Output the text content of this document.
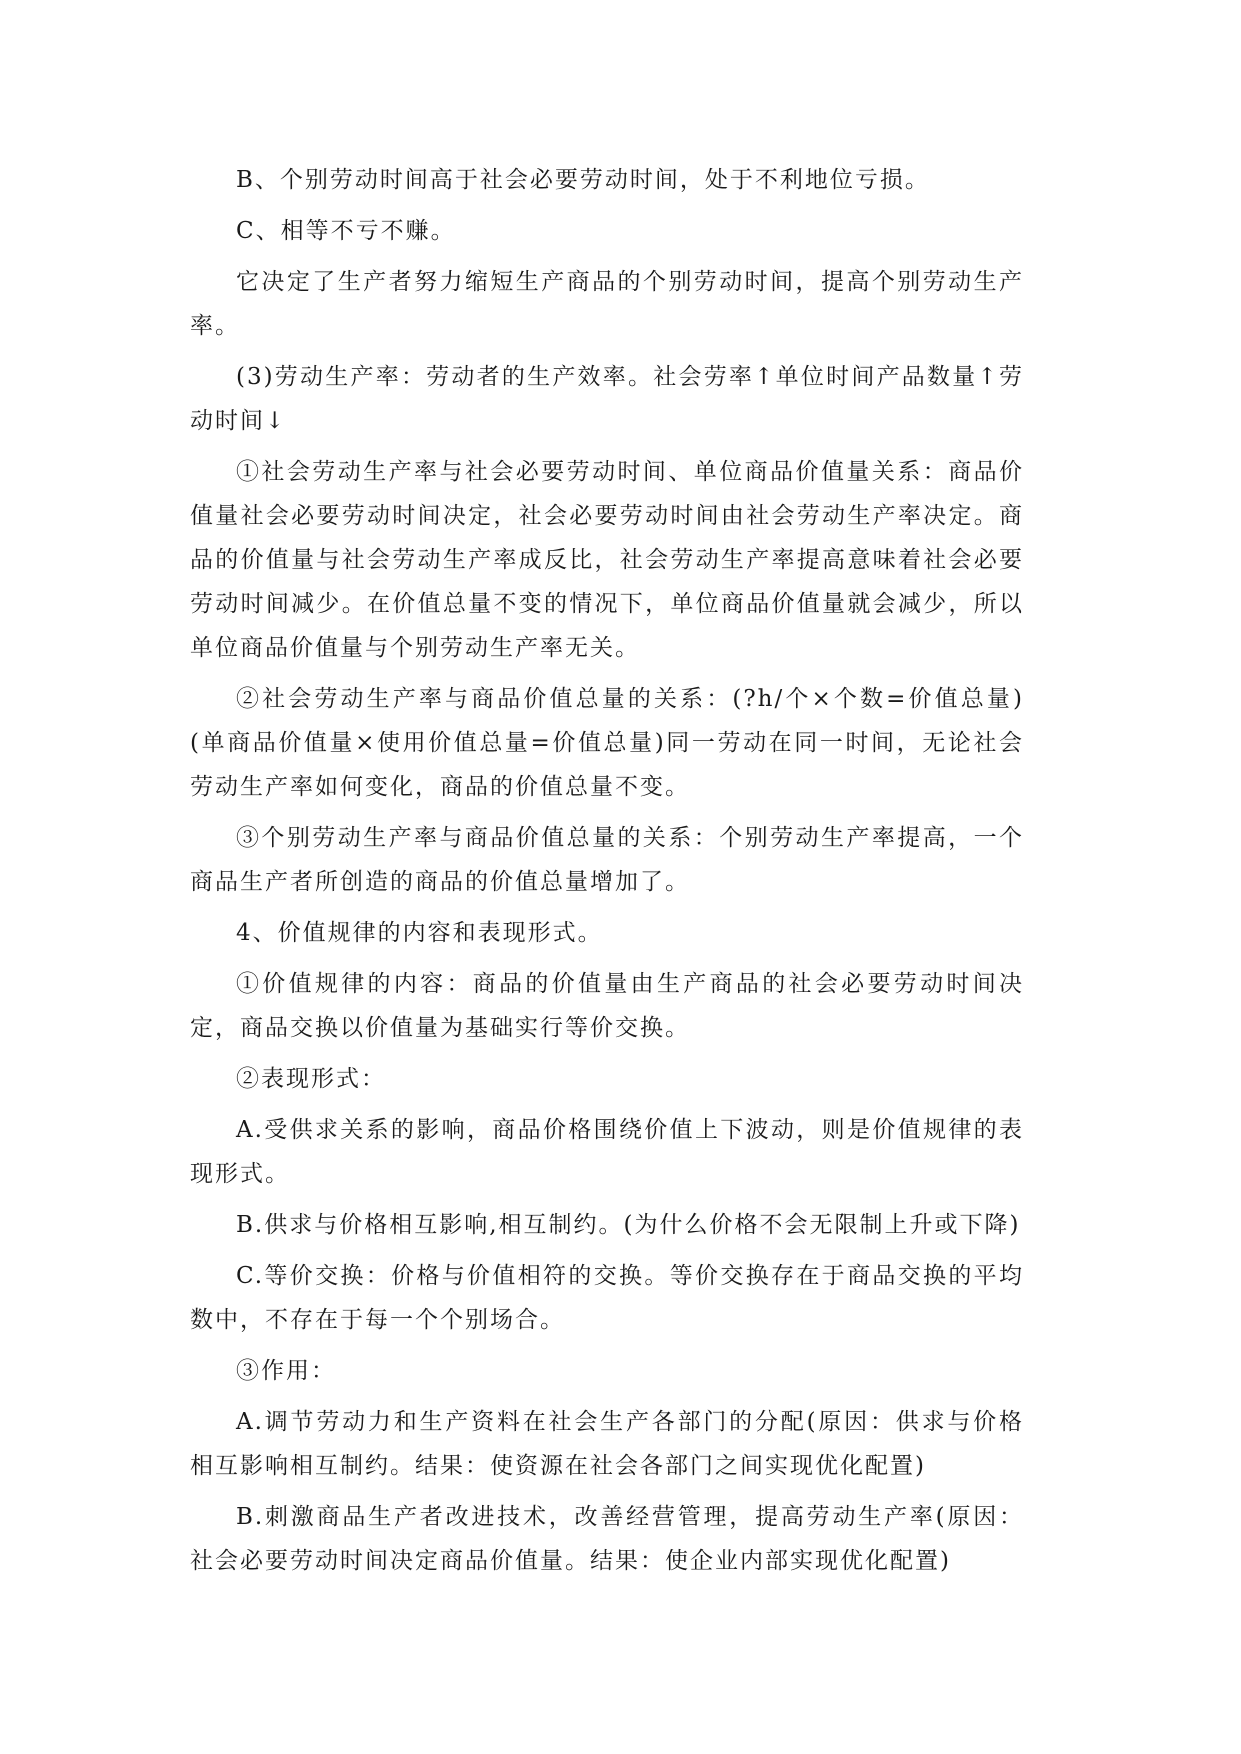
B、个别劳动时间高于社会必要劳动时间，处于不利地位亏损。

C、相等不亏不赚。

它决定了生产者努力缩短生产商品的个别劳动时间，提高个别劳动生产率。

(3)劳动生产率：劳动者的生产效率。社会劳率↑单位时间产品数量↑劳动时间↓

①社会劳动生产率与社会必要劳动时间、单位商品价值量关系：商品价值量社会必要劳动时间决定，社会必要劳动时间由社会劳动生产率决定。商品的价值量与社会劳动生产率成反比，社会劳动生产率提高意味着社会必要劳动时间减少。在价值总量不变的情况下，单位商品价值量就会减少，所以单位商品价值量与个别劳动生产率无关。

②社会劳动生产率与商品价值总量的关系：(?h/个×个数=价值总量)(单商品价值量×使用价值总量=价值总量)同一劳动在同一时间，无论社会劳动生产率如何变化，商品的价值总量不变。

③个别劳动生产率与商品价值总量的关系：个别劳动生产率提高，一个商品生产者所创造的商品的价值总量增加了。

4、价值规律的内容和表现形式。

①价值规律的内容：商品的价值量由生产商品的社会必要劳动时间决定，商品交换以价值量为基础实行等价交换。

②表现形式：

A.受供求关系的影响，商品价格围绕价值上下波动，则是价值规律的表现形式。

B.供求与价格相互影响,相互制约。(为什么价格不会无限制上升或下降)

C.等价交换：价格与价值相符的交换。等价交换存在于商品交换的平均数中，不存在于每一个个别场合。

③作用：

A.调节劳动力和生产资料在社会生产各部门的分配(原因：供求与价格相互影响相互制约。结果：使资源在社会各部门之间实现优化配置)

B.刺激商品生产者改进技术，改善经营管理，提高劳动生产率(原因：社会必要劳动时间决定商品价值量。结果：使企业内部实现优化配置)
